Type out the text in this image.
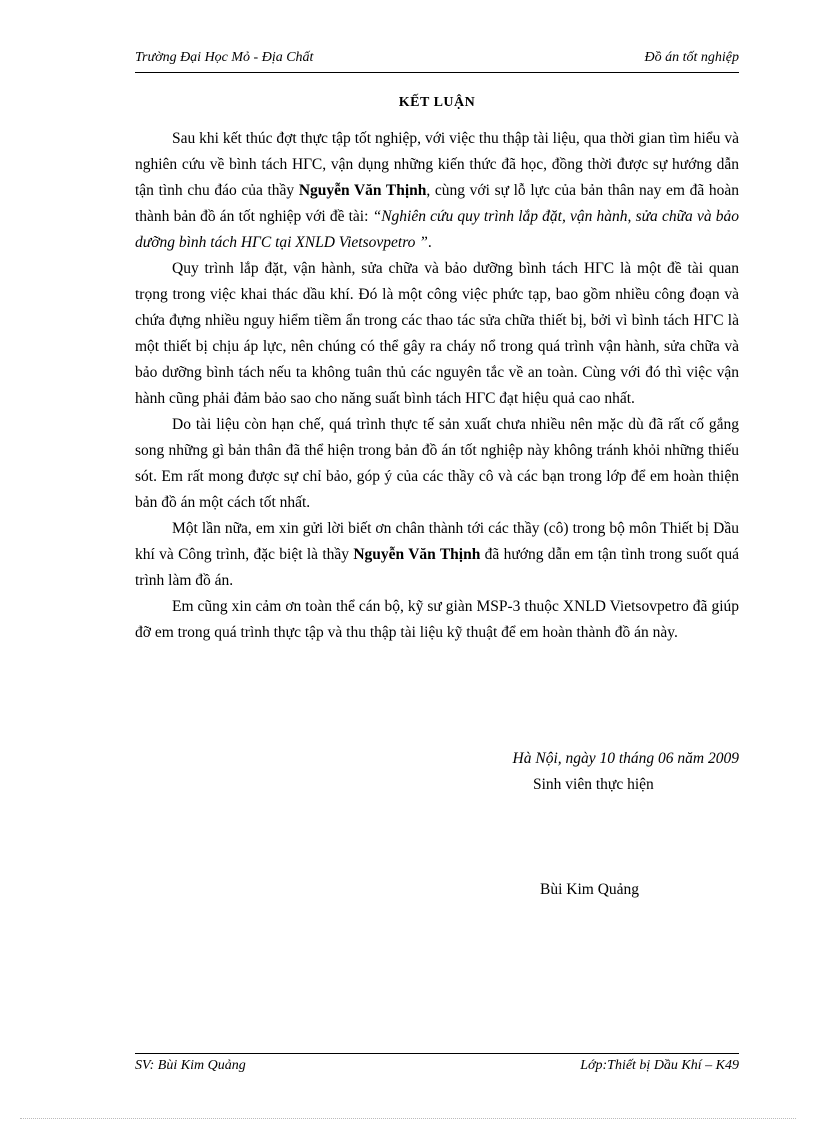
Trường Đại Học Mỏ - Địa Chất	Đồ án tốt nghiệp
KẾT LUẬN

Sau khi kết thúc đợt thực tập tốt nghiệp, với việc thu thập tài liệu, qua thời gian tìm hiểu và nghiên cứu về bình tách HГС, vận dụng những kiến thức đã học, đồng thời được sự hướng dẫn tận tình chu đáo của thầy Nguyễn Văn Thịnh, cùng với sự lỗ lực của bản thân nay em đã hoàn thành bản đồ án tốt nghiệp với đề tài: “Nghiên cứu quy trình lắp đặt, vận hành, sửa chữa và bảo dưỡng bình tách HГС tại XNLD Vietsovpetro ”.

Quy trình lắp đặt, vận hành, sửa chữa và bảo dưỡng bình tách HГС là một đề tài quan trọng trong việc khai thác dầu khí. Đó là một công việc phức tạp, bao gồm nhiều công đoạn và chứa đựng nhiều nguy hiểm tiềm ẩn trong các thao tác sửa chữa thiết bị, bởi vì bình tách HГС là một thiết bị chịu áp lực, nên chúng có thể gây ra cháy nổ trong quá trình vận hành, sửa chữa và bảo dưỡng bình tách nếu ta không tuân thủ các nguyên tắc về an toàn. Cùng với đó thì việc vận hành cũng phải đảm bảo sao cho năng suất bình tách HГС đạt hiệu quả cao nhất.

Do tài liệu còn hạn chế, quá trình thực tế sản xuất chưa nhiều nên mặc dù đã rất cố gắng song những gì bản thân đã thể hiện trong bản đồ án tốt nghiệp này không tránh khỏi những thiếu sót. Em rất mong được sự chỉ bảo, góp ý của các thầy cô và các bạn trong lớp để em hoàn thiện bản đồ án một cách tốt nhất.

Một lần nữa, em xin gửi lời biết ơn chân thành tới các thầy (cô) trong bộ môn Thiết bị Dầu khí và Công trình, đặc biệt là thầy Nguyễn Văn Thịnh đã hướng dẫn em tận tình trong suốt quá trình làm đồ án.

Em cũng xin cảm ơn toàn thể cán bộ, kỹ sư giàn MSP-3 thuộc XNLD Vietsovpetro đã giúp đỡ em trong quá trình thực tập và thu thập tài liệu kỹ thuật để em hoàn thành đồ án này.

Hà Nội, ngày 10 tháng 06 năm 2009
Sinh viên thực hiện
Bùi Kim Quảng
SV: Bùi Kim Quảng	Lớp:Thiết bị Dầu Khí – K49
